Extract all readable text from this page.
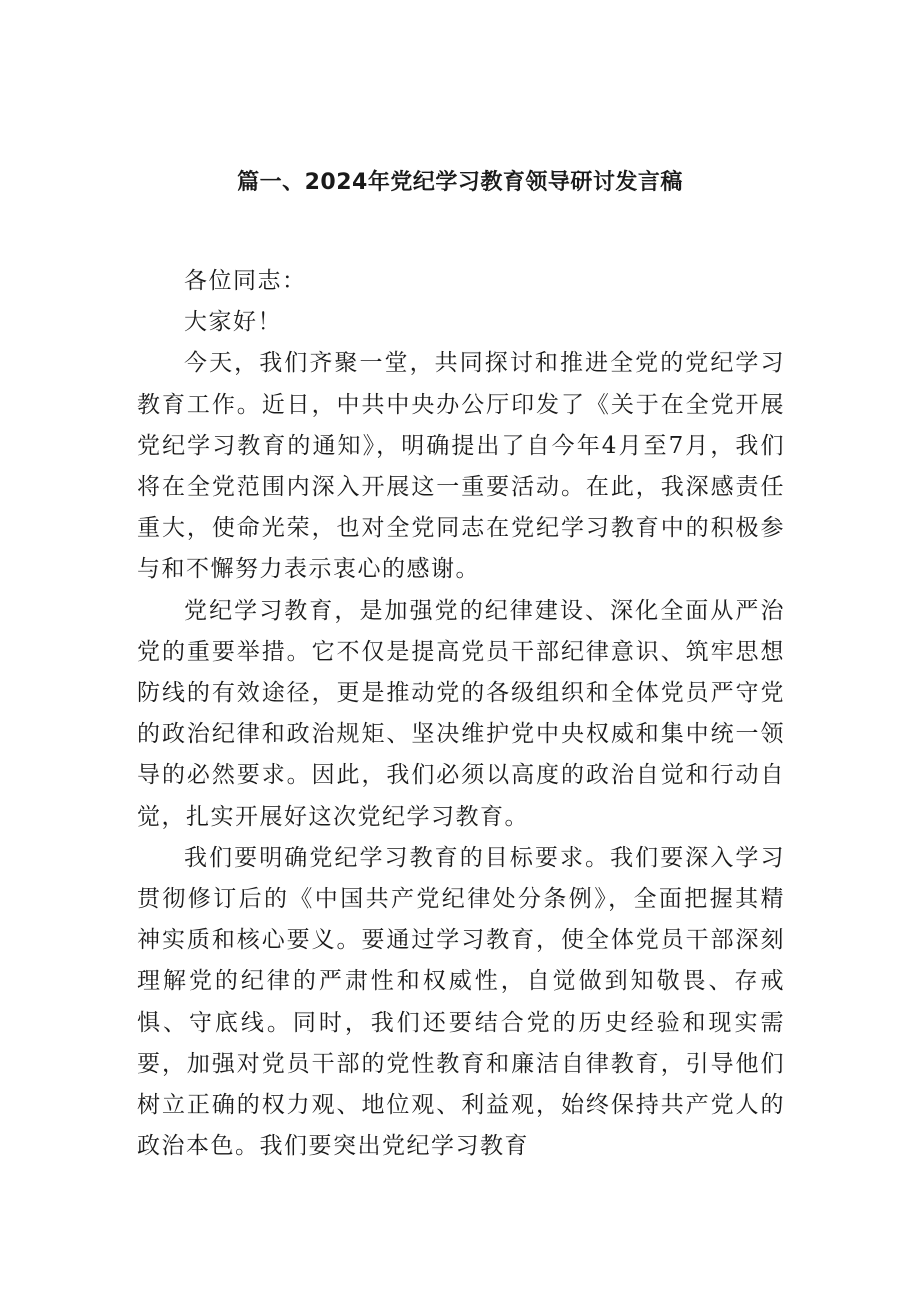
篇一、2024年党纪学习教育领导研讨发言稿

各位同志：

大家好！

今天，我们齐聚一堂，共同探讨和推进全党的党纪学习教育工作。近日，中共中央办公厅印发了《关于在全党开展党纪学习教育的通知》，明确提出了自今年4月至7月，我们将在全党范围内深入开展这一重要活动。在此，我深感责任重大，使命光荣，也对全党同志在党纪学习教育中的积极参与和不懈努力表示衷心的感谢。

党纪学习教育，是加强党的纪律建设、深化全面从严治党的重要举措。它不仅是提高党员干部纪律意识、筑牢思想防线的有效途径，更是推动党的各级组织和全体党员严守党的政治纪律和政治规矩、坚决维护党中央权威和集中统一领导的必然要求。因此，我们必须以高度的政治自觉和行动自觉，扎实开展好这次党纪学习教育。

我们要明确党纪学习教育的目标要求。我们要深入学习贯彻修订后的《中国共产党纪律处分条例》，全面把握其精神实质和核心要义。要通过学习教育，使全体党员干部深刻理解党的纪律的严肃性和权威性，自觉做到知敬畏、存戒惧、守底线。同时，我们还要结合党的历史经验和现实需要，加强对党员干部的党性教育和廉洁自律教育，引导他们树立正确的权力观、地位观、利益观，始终保持共产党人的政治本色。我们要突出党纪学习教育
